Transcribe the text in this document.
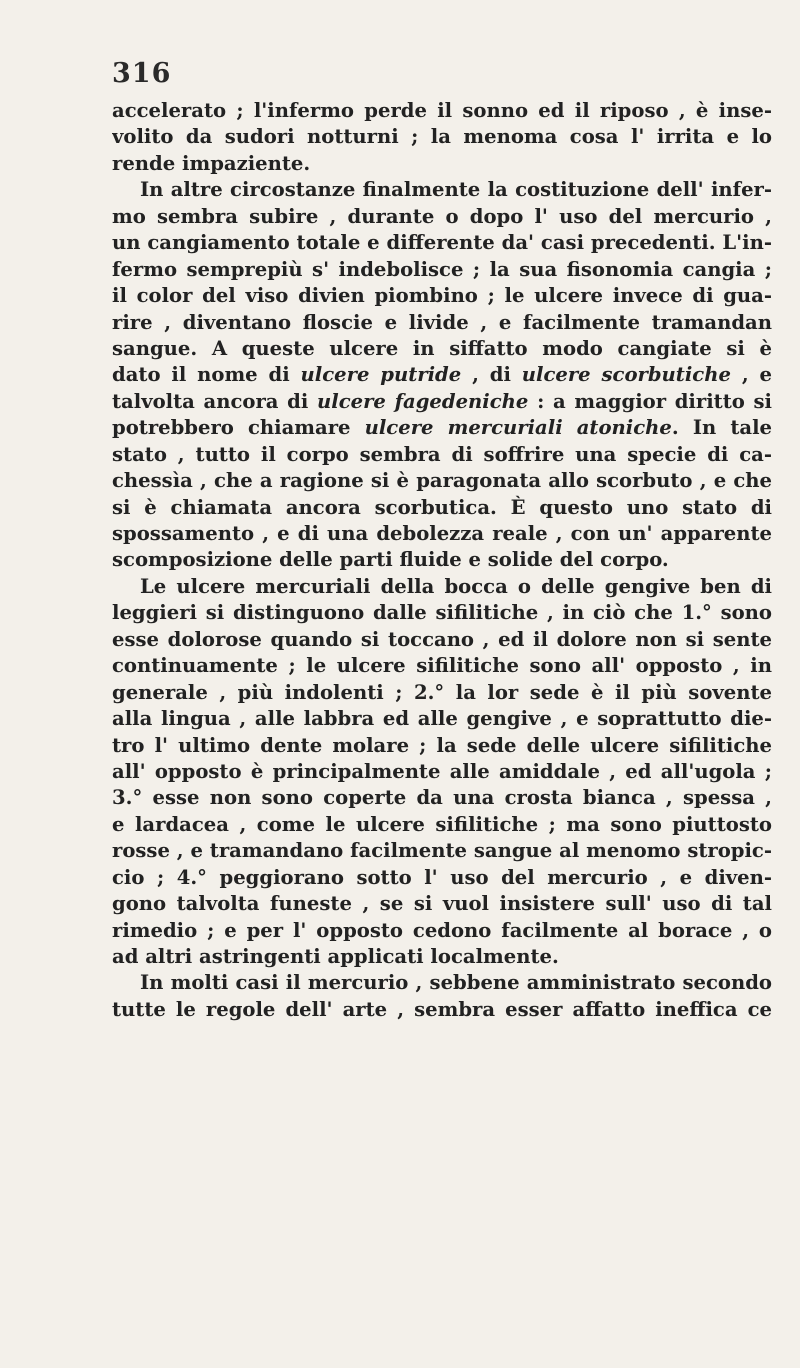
316
accelerato ; l'infermo perde il sonno ed il riposo , è inse-
volito da sudori notturni ; la menoma cosa l' irrita e lo
rende impaziente.
In altre circostanze finalmente la costituzione dell' infer-
mo sembra subire , durante o dopo l' uso del mercurio ,
un cangiamento totale e differente da' casi precedenti. L'in-
fermo semprepiù s' indebolisce ; la sua fisonomia cangia ;
il color del viso divien piombino ; le ulcere invece di gua-
rire , diventano floscie e livide , e facilmente tramandan
sangue. A queste ulcere in siffatto modo cangiate si è
dato il nome di ulcere putride , di ulcere scorbutiche , e
talvolta ancora di ulcere fagedeniche : a maggior diritto si
potrebbero chiamare ulcere mercuriali atoniche. In tale
stato , tutto il corpo sembra di soffrire una specie di ca-
chessìa , che a ragione si è paragonata allo scorbuto , e che
si è chiamata ancora scorbutica. È questo uno stato di
spossamento , e di una debolezza reale , con un' apparente
scomposizione delle parti fluide e solide del corpo.
Le ulcere mercuriali della bocca o delle gengive ben di
leggieri si distinguono dalle sifilitiche , in ciò che 1.° sono
esse dolorose quando si toccano , ed il dolore non si sente
continuamente ; le ulcere sifilitiche sono all' opposto , in
generale , più indolenti ; 2.° la lor sede è il più sovente
alla lingua , alle labbra ed alle gengive , e soprattutto die-
tro l' ultimo dente molare ; la sede delle ulcere sifilitiche
all' opposto è principalmente alle amiddale , ed all'ugola ;
3.° esse non sono coperte da una crosta bianca , spessa ,
e lardacea , come le ulcere sifilitiche ; ma sono piuttosto
rosse , e tramandano facilmente sangue al menomo stropic-
cio ; 4.° peggiorano sotto l' uso del mercurio , e diven-
gono talvolta funeste , se si vuol insistere sull' uso di tal
rimedio ; e per l' opposto cedono facilmente al borace , o
ad altri astringenti applicati localmente.
In molti casi il mercurio , sebbene amministrato secondo
tutte le regole dell' arte , sembra esser affatto ineffica ce
